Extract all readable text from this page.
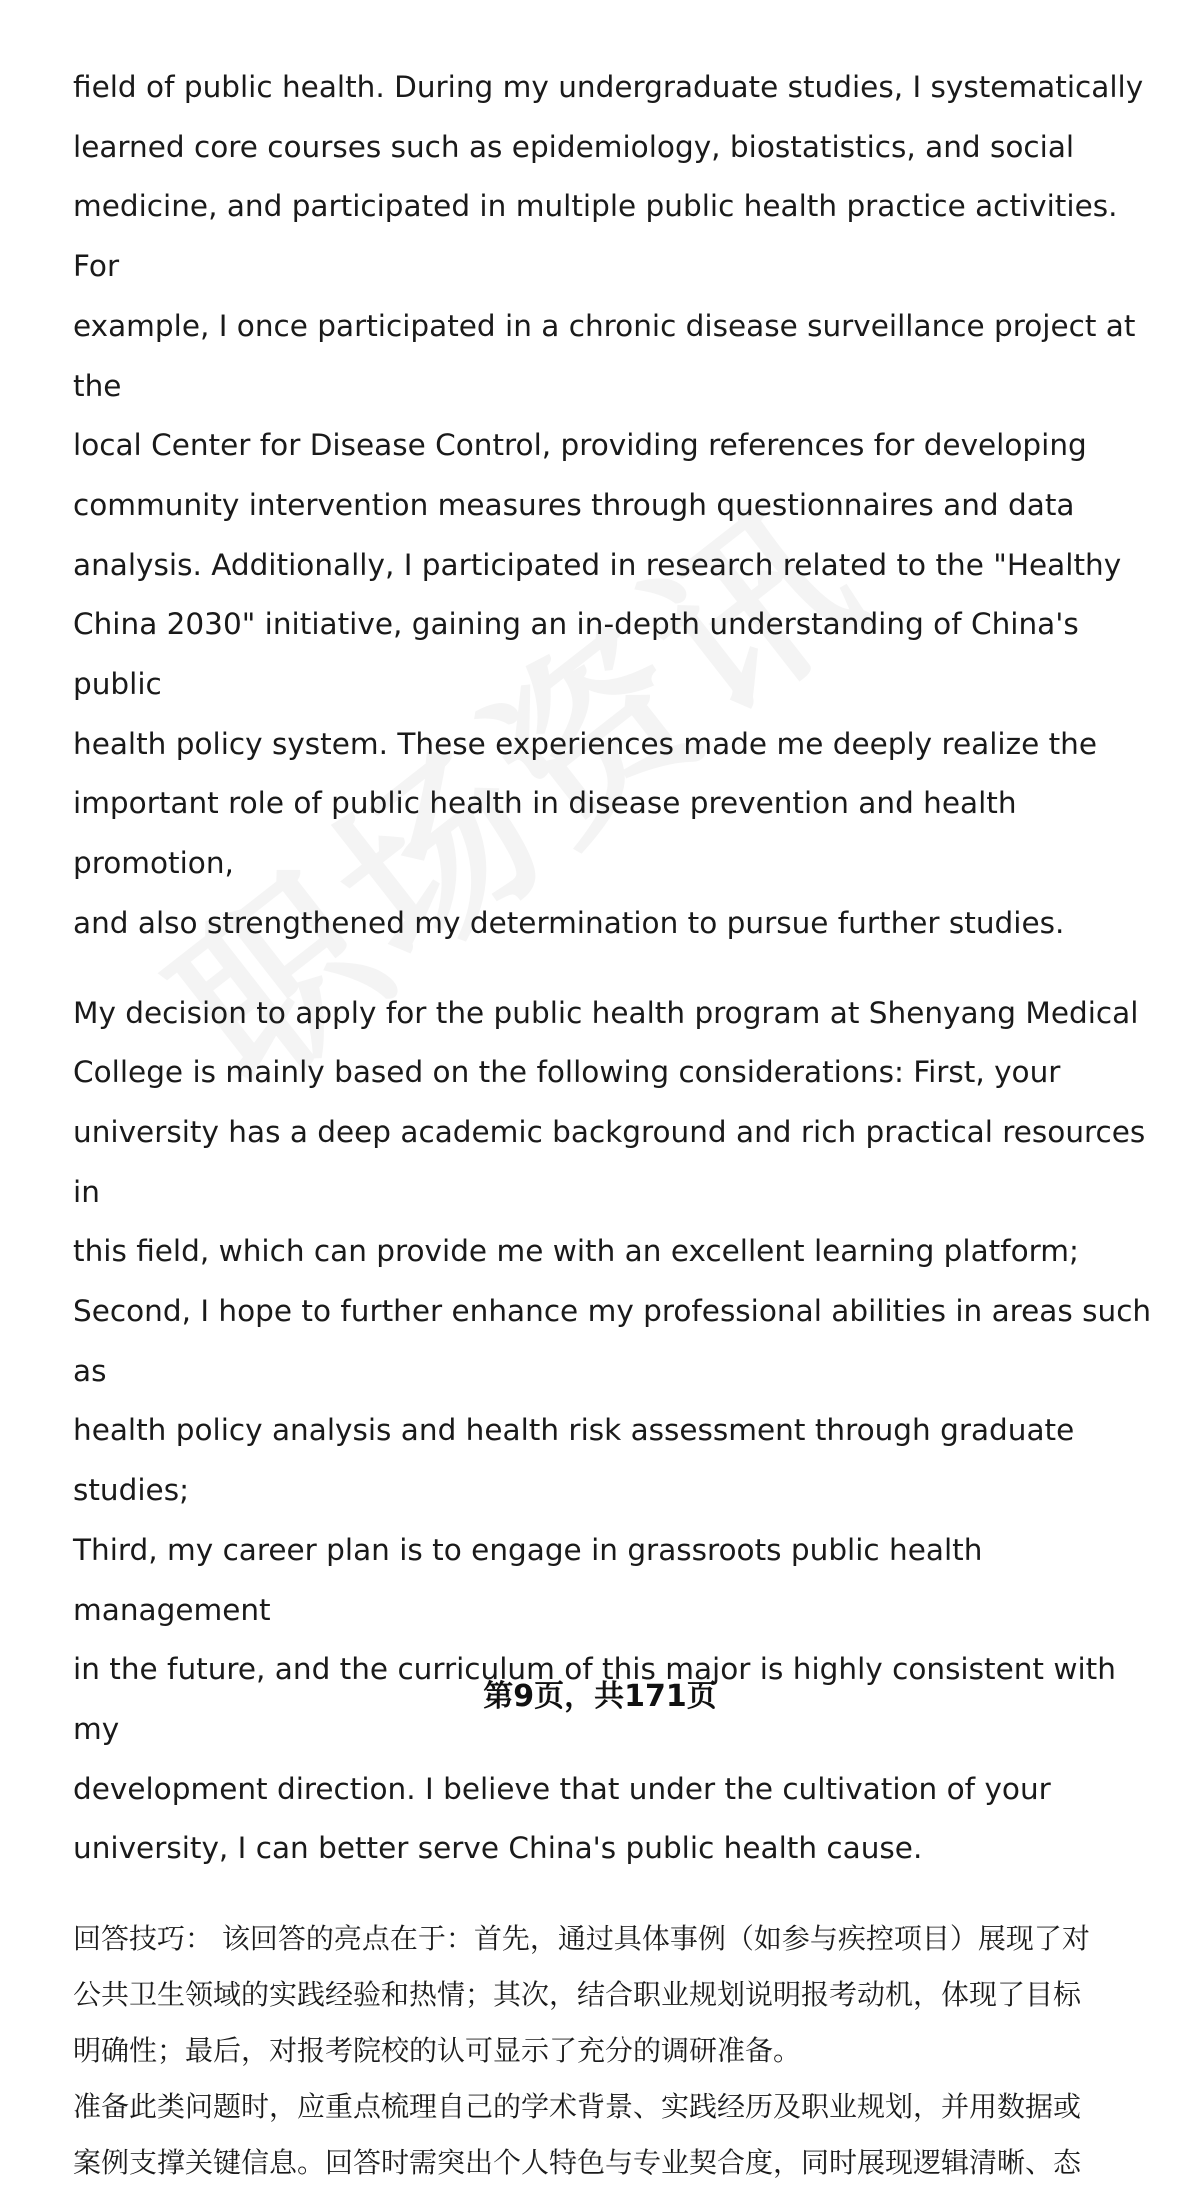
field of public health. During my undergraduate studies, I systematically
learned core courses such as epidemiology, biostatistics, and social
medicine, and participated in multiple public health practice activities. For
example, I once participated in a chronic disease surveillance project at the
local Center for Disease Control, providing references for developing
community intervention measures through questionnaires and data
analysis. Additionally, I participated in research related to the "Healthy
China 2030" initiative, gaining an in-depth understanding of China's public
health policy system. These experiences made me deeply realize the
important role of public health in disease prevention and health promotion,
and also strengthened my determination to pursue further studies.

My decision to apply for the public health program at Shenyang Medical
College is mainly based on the following considerations: First, your
university has a deep academic background and rich practical resources in
this field, which can provide me with an excellent learning platform;
Second, I hope to further enhance my professional abilities in areas such as
health policy analysis and health risk assessment through graduate studies;
Third, my career plan is to engage in grassroots public health management
in the future, and the curriculum of this major is highly consistent with my
development direction. I believe that under the cultivation of your
university, I can better serve China's public health cause.

回答技巧： 该回答的亮点在于：首先，通过具体事例（如参与疾控项目）展现了对
公共卫生领域的实践经验和热情；其次，结合职业规划说明报考动机，体现了目标
明确性；最后，对报考院校的认可显示了充分的调研准备。

准备此类问题时，应重点梳理自己的学术背景、实践经历及职业规划，并用数据或
案例支撑关键信息。回答时需突出个人特色与专业契合度，同时展现逻辑清晰、态

第9页，共171页
